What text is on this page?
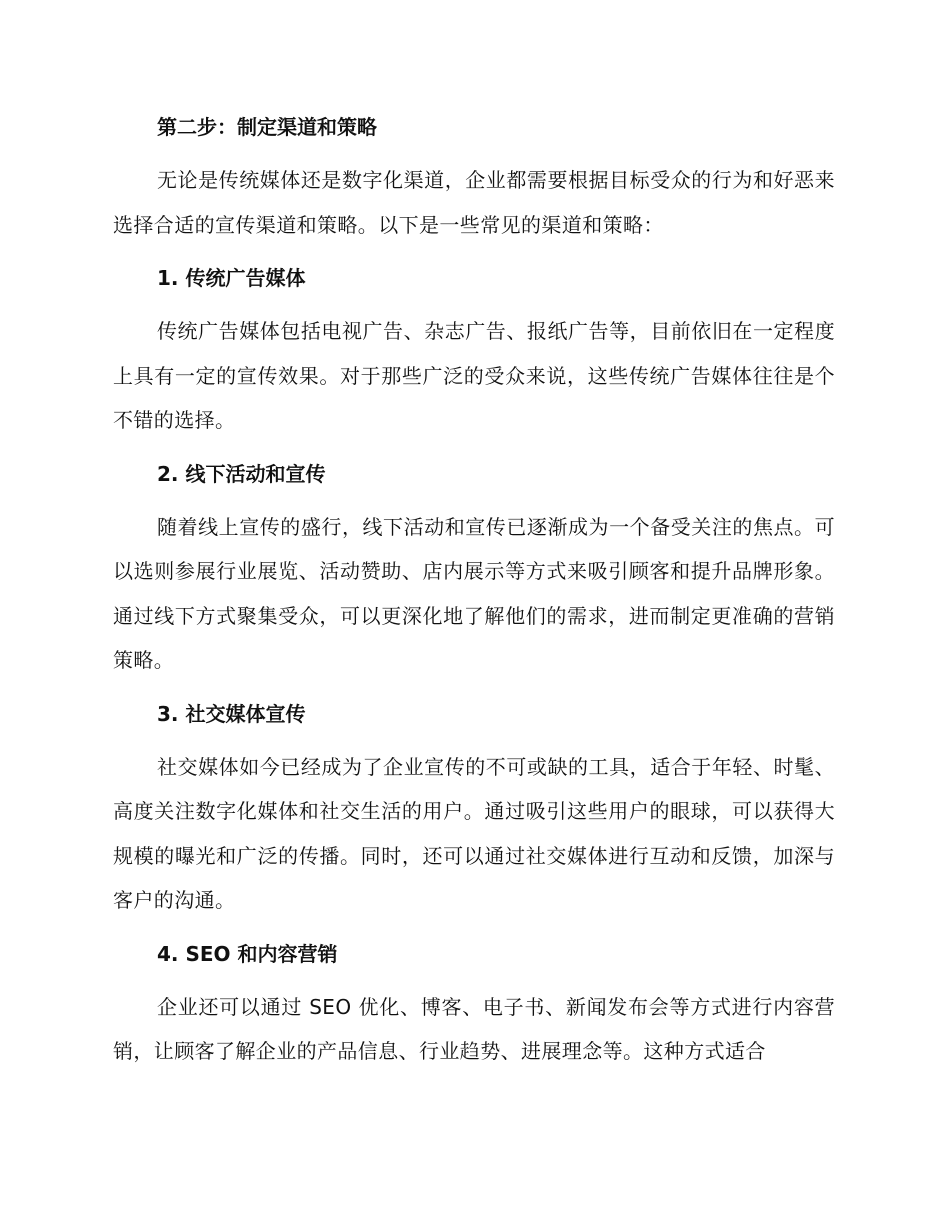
第二步：制定渠道和策略

无论是传统媒体还是数字化渠道，企业都需要根据目标受众的行为和好恶来选择合适的宣传渠道和策略。以下是一些常见的渠道和策略：

1. 传统广告媒体

传统广告媒体包括电视广告、杂志广告、报纸广告等，目前依旧在一定程度上具有一定的宣传效果。对于那些广泛的受众来说，这些传统广告媒体往往是个不错的选择。

2. 线下活动和宣传

随着线上宣传的盛行，线下活动和宣传已逐渐成为一个备受关注的焦点。可以选则参展行业展览、活动赞助、店内展示等方式来吸引顾客和提升品牌形象。通过线下方式聚集受众，可以更深化地了解他们的需求，进而制定更准确的营销策略。

3. 社交媒体宣传

社交媒体如今已经成为了企业宣传的不可或缺的工具，适合于年轻、时髦、高度关注数字化媒体和社交生活的用户。通过吸引这些用户的眼球，可以获得大规模的曝光和广泛的传播。同时，还可以通过社交媒体进行互动和反馈，加深与客户的沟通。

4. SEO 和内容营销

企业还可以通过 SEO 优化、博客、电子书、新闻发布会等方式进行内容营销，让顾客了解企业的产品信息、行业趋势、进展理念等。这种方式适合
